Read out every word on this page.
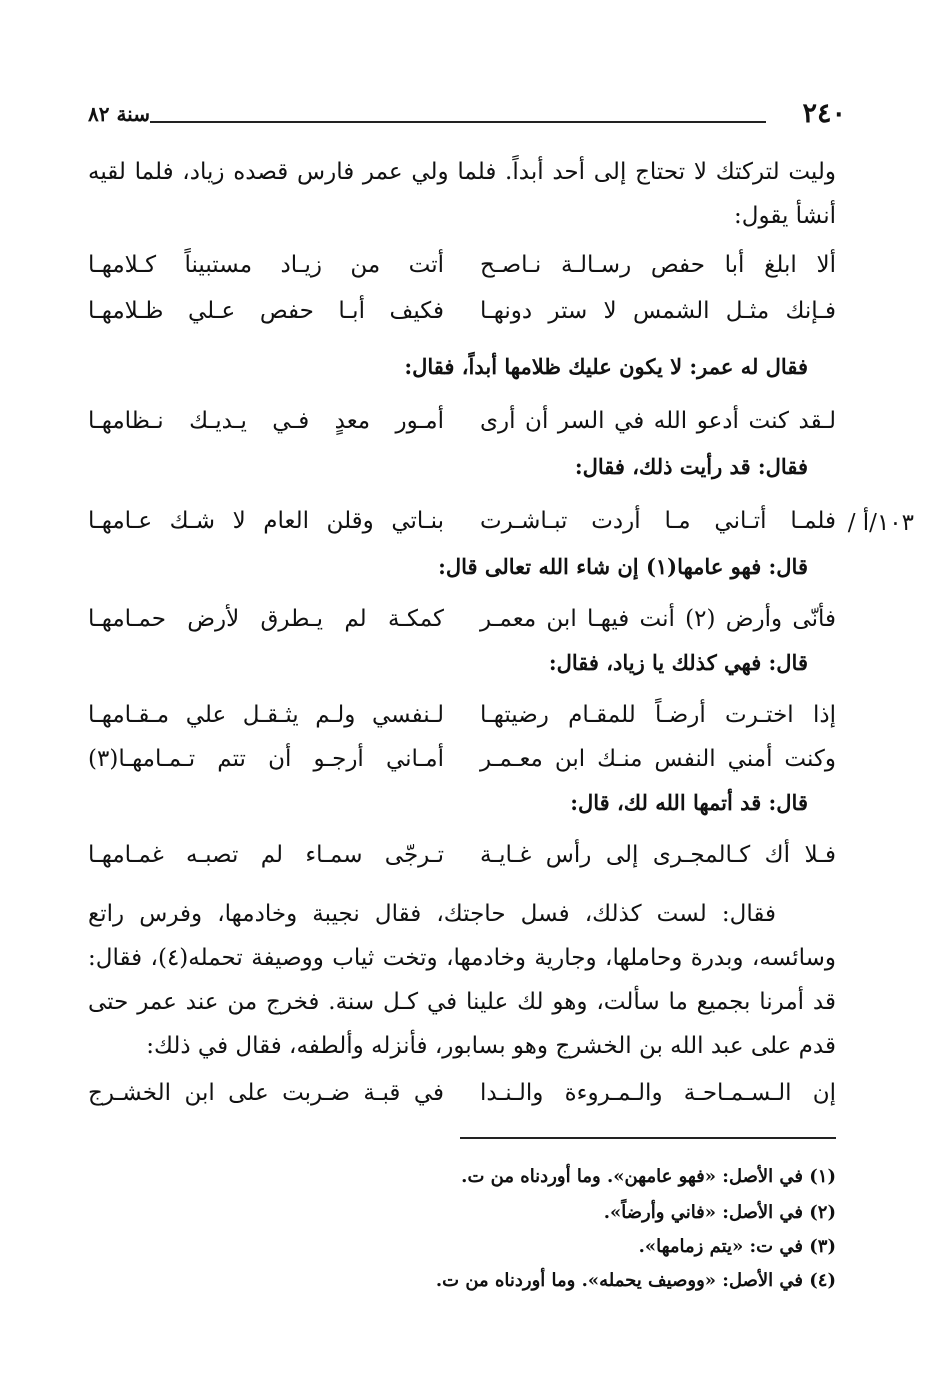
٢٤٠
سنة ٨٢
وليت لتركتك لا تحتاج إلى أحد أبداً. فلما ولي عمر فارس قصده زياد، فلما لقيه أنشأ يقول:
ألا ابلغ أبا حفص رسـالـة نـاصـح
أتت من زيـاد مستبيناً كـلامهـا
فـإنك مثـل الشمس لا ستر دونهـا
فكيف أبـا حفص عـلي ظـلامهـا
فقال له عمر: لا يكون عليك ظلامها أبداً، فقال:
لـقد كنت أدعو الله في السر أن أرى
أمـور معدٍ فـي يـديـك نـظامهـا
فقال: قد رأيت ذلك، فقال:
١٠٣/أ /
فلمـا أتـاني مـا أردت تبـاشـرت
بنـاتي وقلن العام لا شـك عـامهـا
قال: فهو عامها(١) إن شاء الله تعالى قال:
فأنّى وأرض (٢) أنت فيهـا ابن معمـر
كمكـة لم يـطرق لأرض حمـامهـا
قال: فهي كذلك يا زياد، فقال:
إذا اختـرت أرضـاً للمقـام رضيتهـا
لـنفسي ولـم يثـقـل علي مـقـامهـا
وكنت أمني النفس منـك ابن معـمـر
أمـاني أرجـو أن تتم تـمـامهـا(٣)
قال: قد أتمها الله لك، قال:
فـلا أك كـالمجـرى إلى رأس غـايـة
تـرجّى سمـاء لم تصبـه غمـامهـا
فقال: لست كذلك، فسل حاجتك، فقال نجيبة وخادمها، وفرس راتع وسائسه، وبدرة وحاملها، وجارية وخادمها، وتخت ثياب ووصيفة تحمله(٤)، فقال: قد أمرنا بجميع ما سألت، وهو لك علينا في كـل سنة. فخرج من عند عمر حتى قدم على عبد الله بن الخشرج وهو بسابور، فأنزله وألطفه، فقال في ذلك:
إن الـسـمـاحـة والـمـروءة والـنـدا
في قبـة ضـربت على ابن الخشـرج
(١) في الأصل: «فهو عامهن». وما أوردناه من ت.
(٢) في الأصل: «فاني وأرضاً».
(٣) في ت: «يتم زمامها».
(٤) في الأصل: «ووصيف يحمله». وما أوردناه من ت.
